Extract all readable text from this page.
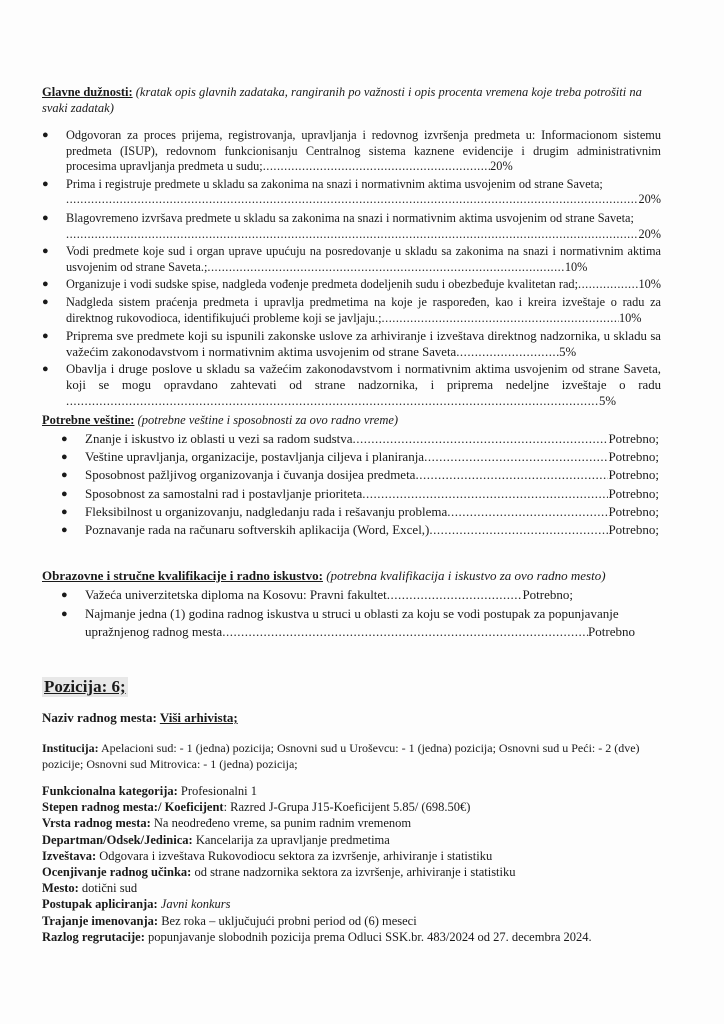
Glavne dužnosti: (kratak opis glavnih zadataka, rangiranih po važnosti i opis procenta vremena koje treba potrošiti na svaki zadatak)
● Odgovoran za proces prijema, registrovanja, upravljanja i redovnog izvršenja predmeta u: Informacionom sistemu predmeta (ISUP), redovnom funkcionisanju Centralnog sistema kaznene evidencije i drugim administrativnim procesima upravljanja predmeta u sudu; .....	20%
● Prima i registruje predmete u skladu sa zakonima na snazi i normativnim aktima usvojenim od strane Saveta;
.....
20%
● Blagovremeno izvršava predmete u skladu sa zakonima na snazi i normativnim aktima usvojenim od strane Saveta;
.....
20%
● Vodi predmete koje sud i organ uprave upućuju na posredovanje u skladu sa zakonima na snazi i normativnim aktima usvojenim od strane Saveta.; .....	10%
● Organizuje i vodi sudske spise, nadgleda vođenje predmeta dodeljenih sudu i obezbeđuje kvalitetan rad; .....	10%
● Nadgleda sistem praćenja predmeta i upravlja predmetima na koje je raspoređen, kao i kreira izveštaje o radu za direktnog rukovodioca, identifikujući probleme koji se javljaju.; .....	10%
● Priprema sve predmete koji su ispunili zakonske uslove za arhiviranje i izveštava direktnog nadzornika, u skladu sa važećim zakonodavstvom i normativnim aktima usvojenim od strane Saveta .....	5%
● Obavlja i druge poslove u skladu sa važećim zakonodavstvom i normativnim aktima usvojenim od strane Saveta, koji se mogu opravdano zahtevati od strane nadzornika, i priprema nedeljne izveštaje o radu
.....
5%
Potrebne veštine: (potrebne veštine i sposobnosti za ovo radno vreme)
● Znanje i iskustvo iz oblasti u vezi sa radom sudstva .....	Potrebno;
● Veštine upravljanja, organizacije, postavljanja ciljeva i planiranja .....	Potrebno;
● Sposobnost pažljivog organizovanja i čuvanja dosijea predmeta .....	Potrebno;
● Sposobnost za samostalni rad i postavljanje prioriteta .....	Potrebno;
● Fleksibilnost u organizovanju, nadgledanju rada i rešavanju problema .....	Potrebno;
● Poznavanje rada na računaru softverskih aplikacija (Word, Excel,) .....	Potrebno;
Obrazovne i stručne kvalifikacije i radno iskustvo: (potrebna kvalifikacija i iskustvo za ovo radno mesto)
● Važeća univerzitetska diploma na Kosovu: Pravni fakultet .....	Potrebno;
● Najmanje jedna (1) godina radnog iskustva u struci u oblasti za koju se vodi postupak za popunjavanje
upražnjenog radnog mesta .....	Potrebno
Pozicija: 6;
Naziv radnog mesta: Viši arhivista;
Institucija: Apelacioni sud: - 1 (jedna) pozicija; Osnovni sud u Uroševcu: - 1 (jedna) pozicija; Osnovni sud u Peći: - 2 (dve) pozicije; Osnovni sud Mitrovica: - 1 (jedna) pozicija;
Funkcionalna kategorija: Profesionalni 1
Stepen radnog mesta:/ Koeficijent: Razred J-Grupa J15-Koeficijent 5.85/ (698.50€)
Vrsta radnog mesta: Na neodređeno vreme, sa punim radnim vremenom
Departman/Odsek/Jedinica: Kancelarija za upravljanje predmetima
Izveštava: Odgovara i izveštava Rukovodiocu sektora za izvršenje, arhiviranje i statistiku
Ocenjivanje radnog učinka: od strane nadzornika sektora za izvršenje, arhiviranje i statistiku
Mesto: dotični sud
Postupak apliciranja: Javni konkurs
Trajanje imenovanja: Bez roka – uključujući probni period od (6) meseci
Razlog regrutacije: popunjavanje slobodnih pozicija prema Odluci SSK.br. 483/2024 od 27. decembra 2024.
